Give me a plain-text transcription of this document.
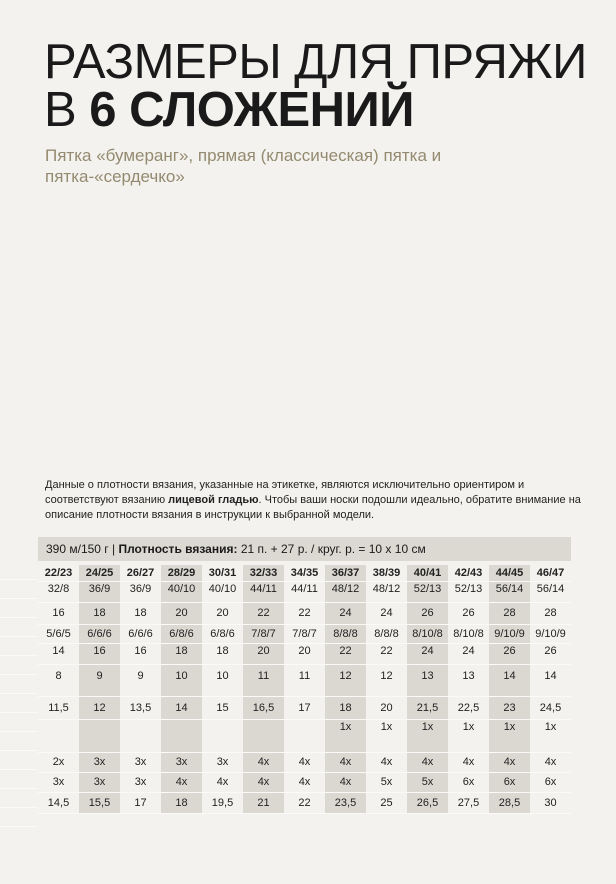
РАЗМЕРЫ ДЛЯ ПРЯЖИ
В 6 СЛОЖЕНИЙ
Пятка «бумеранг», прямая (классическая) пятка и пятка-«сердечко»
Данные о плотности вязания, указанные на этикетке, являются исключительно ориентиром и соответствуют вязанию лицевой гладью. Чтобы ваши носки подошли идеально, обратите внимание на описание плотности вязания в инструкции к выбранной модели.
390 м/150 г | Плотность вязания: 21 п. + 27 р. / круг. р. = 10 х 10 см
22/23	24/25	26/27	28/29	30/31	32/33	34/35	36/37	38/39	40/41	42/43	44/45	46/47
32/8	36/9	36/9	40/10	40/10	44/11	44/11	48/12	48/12	52/13	52/13	56/14	56/14
16	18	18	20	20	22	22	24	24	26	26	28	28
5/6/5	6/6/6	6/6/6	6/8/6	6/8/6	7/8/7	7/8/7	8/8/8	8/8/8	8/10/8	8/10/8	9/10/9	9/10/9
14	16	16	18	18	20	20	22	22	24	24	26	26
8	9	9	10	10	11	11	12	12	13	13	14	14
11,5	12	13,5	14	15	16,5	17	18	20	21,5	22,5	23	24,5
							1x	1x	1x	1x	1x	1x
2x	3x	3x	3x	3x	4x	4x	4x	4x	4x	4x	4x	4x
3x	3x	3x	4x	4x	4x	4x	4x	5x	5x	6x	6x	6x
14,5	15,5	17	18	19,5	21	22	23,5	25	26,5	27,5	28,5	30
